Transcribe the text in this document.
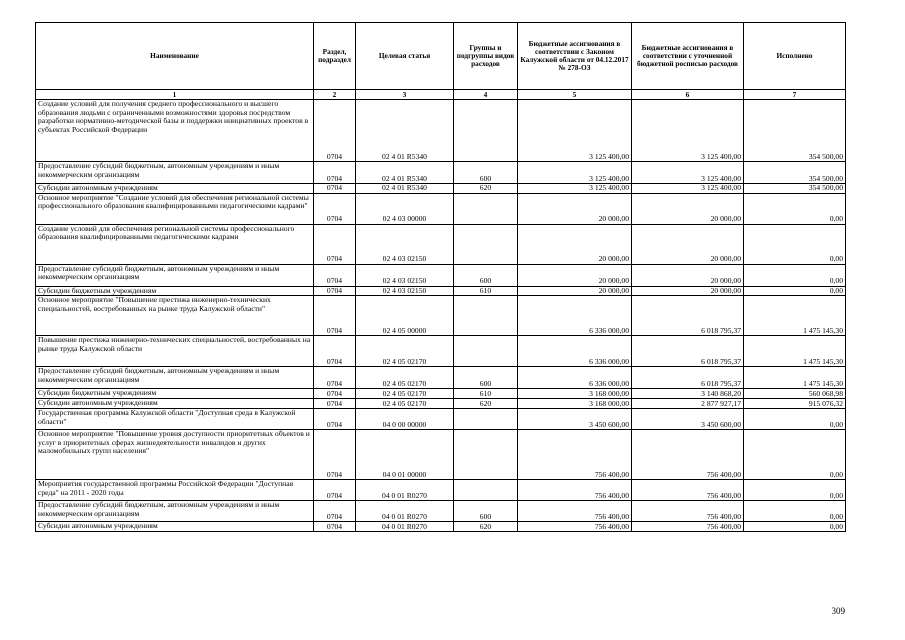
Наименование	Раздел, подраздел	Целевая статья	Группы и подгруппы видов расходов	Бюджетные ассигнования в соответствии с Законом Калужской области от 04.12.2017 № 278-ОЗ	Бюджетные ассигнования в соответствии с уточненной бюджетной росписью расходов	Исполнено
1	2	3	4	5	6	7
Создание условий для получения среднего профессионального и высшего образования людьми с ограниченными возможностями здоровья посредством разработки нормативно-методической базы и поддержки инициативных проектов в субъектах Российской Федерации	0704	02 4 01 R5340		3 125 400,00	3 125 400,00	354 500,00
Предоставление субсидий бюджетным, автономным учреждениям и иным некоммерческим организациям	0704	02 4 01 R5340	600	3 125 400,00	3 125 400,00	354 500,00
Субсидии автономным учреждениям	0704	02 4 01 R5340	620	3 125 400,00	3 125 400,00	354 500,00
Основное мероприятие "Создание условий для обеспечения региональной системы профессионального образования квалифицированными педагогическими кадрами"	0704	02 4 03 00000		20 000,00	20 000,00	0,00
Создание условий для обеспечения региональной системы профессионального образования квалифицированными педагогическими кадрами	0704	02 4 03 02150		20 000,00	20 000,00	0,00
Предоставление субсидий бюджетным, автономным учреждениям и иным некоммерческим организациям	0704	02 4 03 02150	600	20 000,00	20 000,00	0,00
Субсидии бюджетным учреждениям	0704	02 4 03 02150	610	20 000,00	20 000,00	0,00
Основное мероприятие "Повышение престижа инженерно-технических специальностей, востребованных на рынке труда Калужской области"	0704	02 4 05 00000		6 336 000,00	6 018 795,37	1 475 145,30
Повышение престижа инженерно-технических специальностей, востребованных на рынке труда Калужской области	0704	02 4 05 02170		6 336 000,00	6 018 795,37	1 475 145,30
Предоставление субсидий бюджетным, автономным учреждениям и иным некоммерческим организациям	0704	02 4 05 02170	600	6 336 000,00	6 018 795,37	1 475 145,30
Субсидии бюджетным учреждениям	0704	02 4 05 02170	610	3 168 000,00	3 140 868,20	560 068,98
Субсидии автономным учреждениям	0704	02 4 05 02170	620	3 168 000,00	2 877 927,17	915 076,32
Государственная программа Калужской области "Доступная среда в Калужской области"	0704	04 0 00 00000		3 450 600,00	3 450 600,00	0,00
Основное мероприятие "Повышение уровня доступности приоритетных объектов и услуг в приоритетных сферах жизнедеятельности инвалидов и других маломобильных групп населения"	0704	04 0 01 00000		756 400,00	756 400,00	0,00
Мероприятия государственной программы Российской Федерации "Доступная среда" на 2011 - 2020 годы	0704	04 0 01 R0270		756 400,00	756 400,00	0,00
Предоставление субсидий бюджетным, автономным учреждениям и иным некоммерческим организациям	0704	04 0 01 R0270	600	756 400,00	756 400,00	0,00
Субсидии автономным учреждениям	0704	04 0 01 R0270	620	756 400,00	756 400,00	0,00
309
